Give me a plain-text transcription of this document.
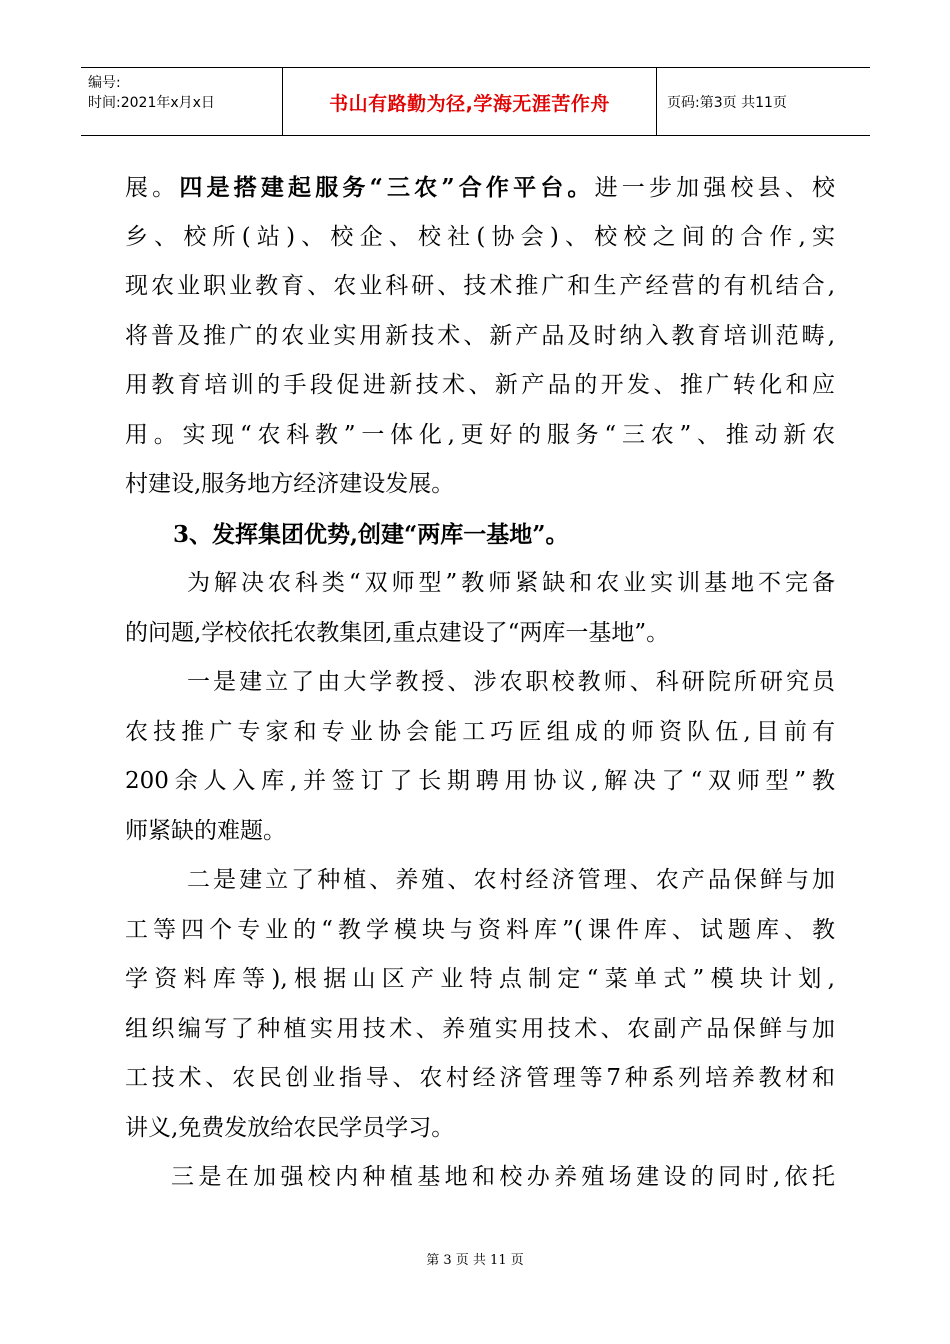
编号:
时间:2021年x月x日	书山有路勤为径,学海无涯苦作舟	页码:第3页 共11页
展。四是搭建起服务“三农”合作平台。进一步加强校县、校
乡、校所(站)、校企、校社(协会)、校校之间的合作,实
现农业职业教育、农业科研、技术推广和生产经营的有机结合,
将普及推广的农业实用新技术、新产品及时纳入教育培训范畴,
用教育培训的手段促进新技术、新产品的开发、推广转化和应
用。实现“农科教”一体化,更好的服务“三农”、推动新农
村建设,服务地方经济建设发展。
3、发挥集团优势,创建“两库一基地”。
为解决农科类“双师型”教师紧缺和农业实训基地不完备
的问题,学校依托农教集团,重点建设了“两库一基地”。
一是建立了由大学教授、涉农职校教师、科研院所研究员
农技推广专家和专业协会能工巧匠组成的师资队伍,目前有
200余人入库,并签订了长期聘用协议,解决了“双师型”教
师紧缺的难题。
二是建立了种植、养殖、农村经济管理、农产品保鲜与加
工等四个专业的“教学模块与资料库”(课件库、试题库、教
学资料库等),根据山区产业特点制定“菜单式”模块计划,
组织编写了种植实用技术、养殖实用技术、农副产品保鲜与加
工技术、农民创业指导、农村经济管理等7种系列培养教材和
讲义,免费发放给农民学员学习。
三是在加强校内种植基地和校办养殖场建设的同时,依托
第 3 页 共 11 页
